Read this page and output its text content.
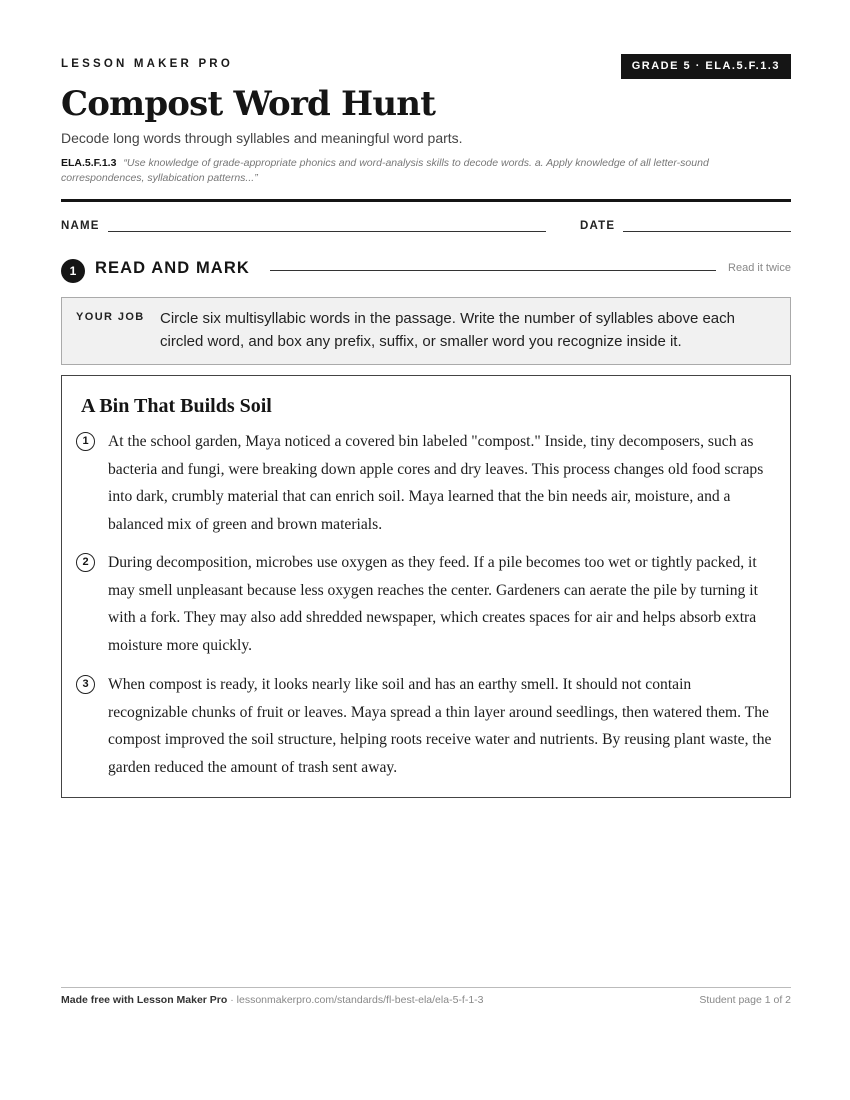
LESSON MAKER PRO	GRADE 5 · ELA.5.F.1.3
Compost Word Hunt
Decode long words through syllables and meaningful word parts.
ELA.5.F.1.3 “Use knowledge of grade-appropriate phonics and word-analysis skills to decode words. a. Apply knowledge of all letter-sound correspondences, syllabication patterns...”
NAME	DATE
1	READ AND MARK	Read it twice
YOUR JOB Circle six multisyllabic words in the passage. Write the number of syllables above each circled word, and box any prefix, suffix, or smaller word you recognize inside it.
A Bin That Builds Soil
1	At the school garden, Maya noticed a covered bin labeled "compost." Inside, tiny decomposers, such as bacteria and fungi, were breaking down apple cores and dry leaves. This process changes old food scraps into dark, crumbly material that can enrich soil. Maya learned that the bin needs air, moisture, and a balanced mix of green and brown materials.
2	During decomposition, microbes use oxygen as they feed. If a pile becomes too wet or tightly packed, it may smell unpleasant because less oxygen reaches the center. Gardeners can aerate the pile by turning it with a fork. They may also add shredded newspaper, which creates spaces for air and helps absorb extra moisture more quickly.
3	When compost is ready, it looks nearly like soil and has an earthy smell. It should not contain recognizable chunks of fruit or leaves. Maya spread a thin layer around seedlings, then watered them. The compost improved the soil structure, helping roots receive water and nutrients. By reusing plant waste, the garden reduced the amount of trash sent away.
Made free with Lesson Maker Pro · lessonmakerpro.com/standards/fl-best-ela/ela-5-f-1-3	Student page 1 of 2
